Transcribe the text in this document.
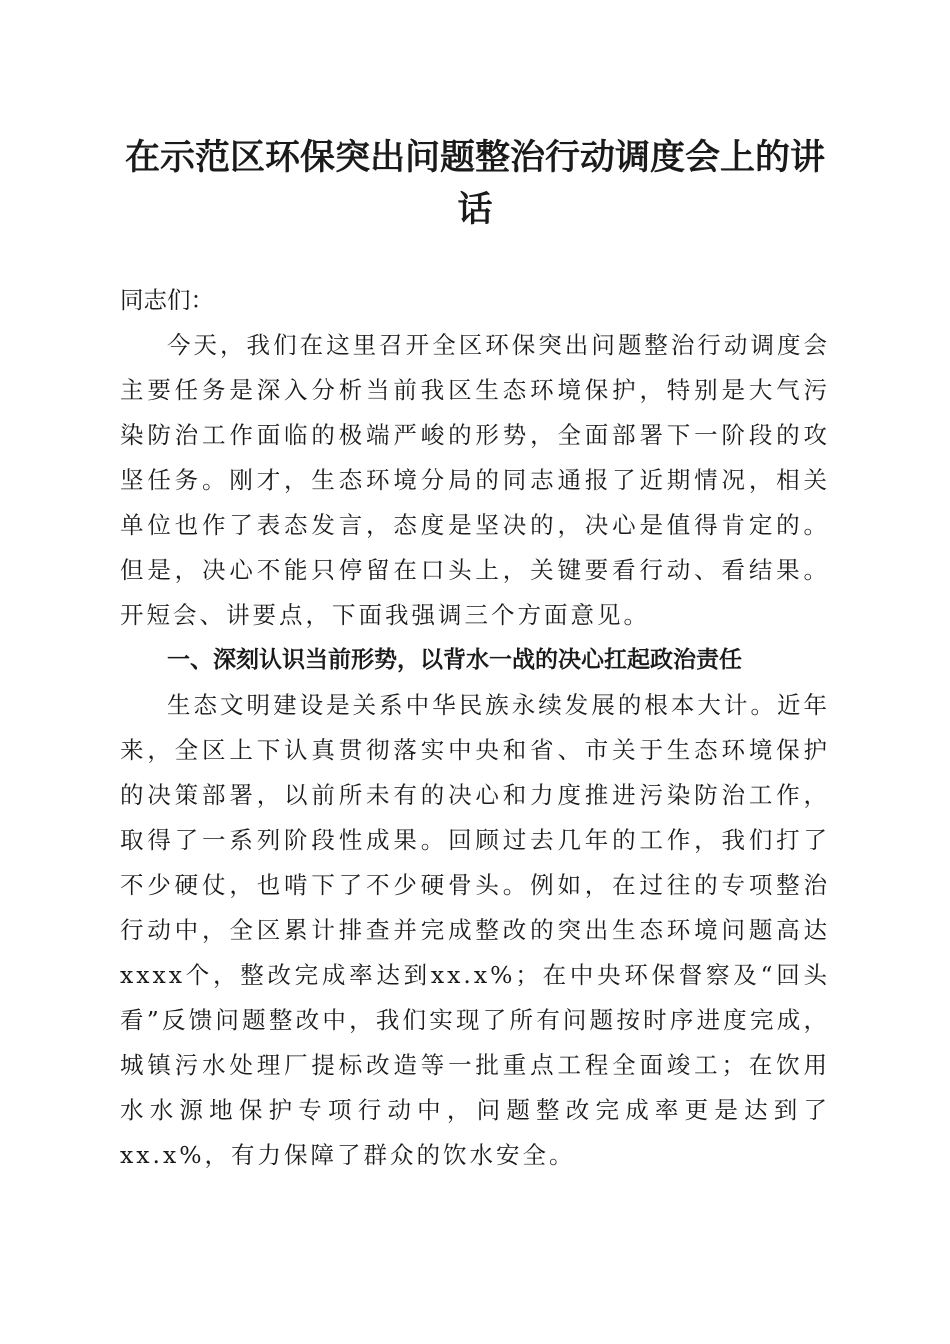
在示范区环保突出问题整治行动调度会上的讲话

同志们：

今天，我们在这里召开全区环保突出问题整治行动调度会主要任务是深入分析当前我区生态环境保护，特别是大气污染防治工作面临的极端严峻的形势，全面部署下一阶段的攻坚任务。刚才，生态环境分局的同志通报了近期情况，相关单位也作了表态发言，态度是坚决的，决心是值得肯定的。但是，决心不能只停留在口头上，关键要看行动、看结果。开短会、讲要点，下面我强调三个方面意见。

一、深刻认识当前形势，以背水一战的决心扛起政治责任

生态文明建设是关系中华民族永续发展的根本大计。近年来，全区上下认真贯彻落实中央和省、市关于生态环境保护的决策部署，以前所未有的决心和力度推进污染防治工作，取得了一系列阶段性成果。回顾过去几年的工作，我们打了不少硬仗，也啃下了不少硬骨头。例如，在过往的专项整治行动中，全区累计排查并完成整改的突出生态环境问题高达xxxx个，整改完成率达到xx.x%；在中央环保督察及“回头看”反馈问题整改中，我们实现了所有问题按时序进度完成，城镇污水处理厂提标改造等一批重点工程全面竣工；在饮用水水源地保护专项行动中，问题整改完成率更是达到了xx.x%，有力保障了群众的饮水安全。
